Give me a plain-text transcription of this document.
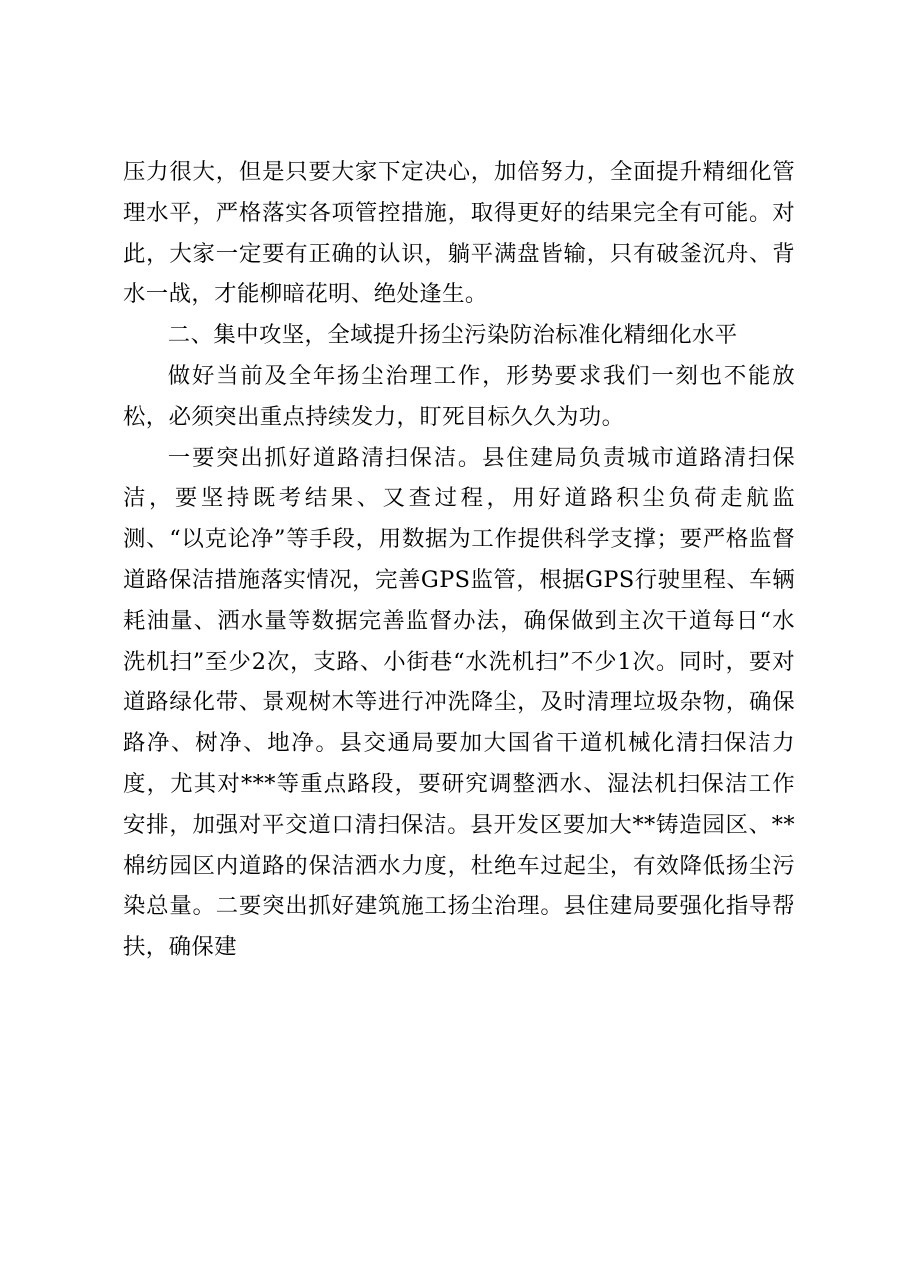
压力很大，但是只要大家下定决心，加倍努力，全面提升精细化管理水平，严格落实各项管控措施，取得更好的结果完全有可能。对此，大家一定要有正确的认识，躺平满盘皆输，只有破釜沉舟、背水一战，才能柳暗花明、绝处逢生。

二、集中攻坚，全域提升扬尘污染防治标准化精细化水平

做好当前及全年扬尘治理工作，形势要求我们一刻也不能放松，必须突出重点持续发力，盯死目标久久为功。

一要突出抓好道路清扫保洁。县住建局负责城市道路清扫保洁，要坚持既考结果、又查过程，用好道路积尘负荷走航监测、“以克论净”等手段，用数据为工作提供科学支撑；要严格监督道路保洁措施落实情况，完善GPS监管，根据GPS行驶里程、车辆耗油量、洒水量等数据完善监督办法，确保做到主次干道每日“水洗机扫”至少2次，支路、小街巷“水洗机扫”不少1次。同时，要对道路绿化带、景观树木等进行冲洗降尘，及时清理垃圾杂物，确保路净、树净、地净。县交通局要加大国省干道机械化清扫保洁力度，尤其对***等重点路段，要研究调整洒水、湿法机扫保洁工作安排，加强对平交道口清扫保洁。县开发区要加大**铸造园区、**棉纺园区内道路的保洁洒水力度，杜绝车过起尘，有效降低扬尘污染总量。二要突出抓好建筑施工扬尘治理。县住建局要强化指导帮扶，确保建
